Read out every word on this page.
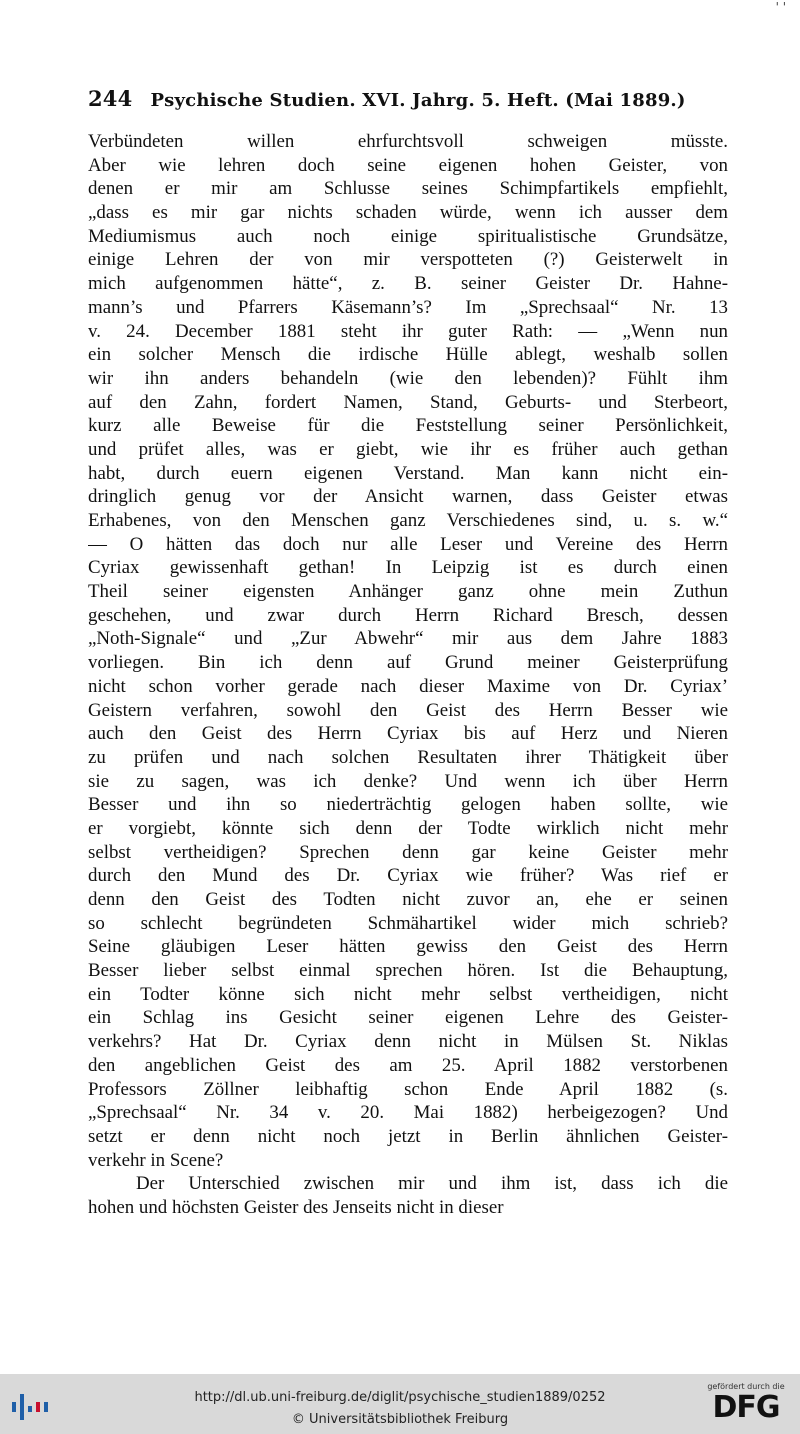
' '
244 Psychische Studien. XVI. Jahrg. 5. Heft. (Mai 1889.)
Verbündeten willen ehrfurchtsvoll schweigen müsste.
Aber wie lehren doch seine eigenen hohen Geister, von
denen er mir am Schlusse seines Schimpfartikels empfiehlt,
„dass es mir gar nichts schaden würde, wenn ich ausser dem
Mediumismus auch noch einige spiritualistische Grundsätze,
einige Lehren der von mir verspotteten (?) Geisterwelt in
mich aufgenommen hätte“, z. B. seiner Geister Dr. Hahne-
mann’s und Pfarrers Käsemann’s? Im „Sprechsaal“ Nr. 13
v. 24. December 1881 steht ihr guter Rath: — „Wenn nun
ein solcher Mensch die irdische Hülle ablegt, weshalb sollen
wir ihn anders behandeln (wie den lebenden)? Fühlt ihm
auf den Zahn, fordert Namen, Stand, Geburts- und Sterbeort,
kurz alle Beweise für die Feststellung seiner Persönlichkeit,
und prüfet alles, was er giebt, wie ihr es früher auch gethan
habt, durch euern eigenen Verstand. Man kann nicht ein-
dringlich genug vor der Ansicht warnen, dass Geister etwas
Erhabenes, von den Menschen ganz Verschiedenes sind, u. s. w.“
— O hätten das doch nur alle Leser und Vereine des Herrn
Cyriax gewissenhaft gethan! In Leipzig ist es durch einen
Theil seiner eigensten Anhänger ganz ohne mein Zuthun
geschehen, und zwar durch Herrn Richard Bresch, dessen
„Noth-Signale“ und „Zur Abwehr“ mir aus dem Jahre 1883
vorliegen. Bin ich denn auf Grund meiner Geisterprüfung
nicht schon vorher gerade nach dieser Maxime von Dr. Cyriax’
Geistern verfahren, sowohl den Geist des Herrn Besser wie
auch den Geist des Herrn Cyriax bis auf Herz und Nieren
zu prüfen und nach solchen Resultaten ihrer Thätigkeit über
sie zu sagen, was ich denke? Und wenn ich über Herrn
Besser und ihn so niederträchtig gelogen haben sollte, wie
er vorgiebt, könnte sich denn der Todte wirklich nicht mehr
selbst vertheidigen? Sprechen denn gar keine Geister mehr
durch den Mund des Dr. Cyriax wie früher? Was rief er
denn den Geist des Todten nicht zuvor an, ehe er seinen
so schlecht begründeten Schmähartikel wider mich schrieb?
Seine gläubigen Leser hätten gewiss den Geist des Herrn
Besser lieber selbst einmal sprechen hören. Ist die Behauptung,
ein Todter könne sich nicht mehr selbst vertheidigen, nicht
ein Schlag ins Gesicht seiner eigenen Lehre des Geister-
verkehrs? Hat Dr. Cyriax denn nicht in Mülsen St. Niklas
den angeblichen Geist des am 25. April 1882 verstorbenen
Professors Zöllner leibhaftig schon Ende April 1882 (s.
„Sprechsaal“ Nr. 34 v. 20. Mai 1882) herbeigezogen? Und
setzt er denn nicht noch jetzt in Berlin ähnlichen Geister-
verkehr in Scene?
Der Unterschied zwischen mir und ihm ist, dass ich die
hohen und höchsten Geister des Jenseits nicht in dieser
http://dl.ub.uni-freiburg.de/diglit/psychische_studien1889/0252
© Universitätsbibliothek Freiburg
gefördert durch die
DFG
